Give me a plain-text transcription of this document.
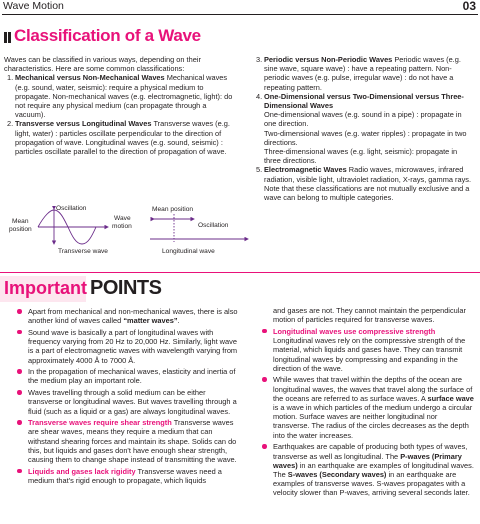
Wave Motion	03
Classification of a Wave

Waves can be classified in various ways, depending on their characteristics. Here are some common classifications:

1. Mechanical versus Non-Mechanical Waves Mechanical waves (e.g. sound, water, seismic): require a physical medium to propagate. Non-mechanical waves (e.g. electromagnetic, light): do not require any physical medium (can propagate through a vacuum).
2. Transverse versus Longitudinal Waves Transverse waves (e.g. light, water) : particles oscillate perpendicular to the direction of propagation of wave. Longitudinal waves (e.g. sound, seismic) : particles oscillate parallel to the direction of propagation of wave.
Oscillation
Mean
position
Wave
motion
Transverse wave
Mean position
Oscillation
Longitudinal wave
3. Periodic versus Non-Periodic Waves Periodic waves (e.g. sine wave, square wave) : have a repeating pattern. Non-periodic waves (e.g. pulse, irregular wave) : do not have a repeating pattern.
4. One-Dimensional versus Two-Dimensional versus Three-Dimensional Waves

One-dimensional waves (e.g. sound in a pipe) : propagate in one direction.

Two-dimensional waves (e.g. water ripples) : propagate in two directions.

Three-dimensional waves (e.g. light, seismic): propagate in three directions.

5. Electromagnetic Waves Radio waves, microwaves, infrared radiation, visible light, ultraviolet radiation, X-rays, gamma rays.

Note that these classifications are not mutually exclusive and a wave can belong to multiple categories.

Important POINTS
Apart from mechanical and non-mechanical waves, there is also another kind of waves called “matter waves”.
Sound wave is basically a part of longitudinal waves with frequency varying from 20 Hz to 20,000 Hz. Similarly, light wave is a part of electromagnetic waves with wavelength varying from approximately 4000 Å to 7000 Å.
In the propagation of mechanical waves, elasticity and inertia of the medium play an important role.
Waves travelling through a solid medium can be either transverse or longitudinal waves. But waves travelling through a fluid (such as a liquid or a gas) are always longitudinal waves.
Transverse waves require shear strength Transverse waves are shear waves, means they require a medium that can withstand shearing forces and maintain its shape. Solids can do this, but liquids and gases don't have enough shear strength, causing them to change shape instead of transmitting the wave.
Liquids and gases lack rigidity Transverse waves need a medium that's rigid enough to propagate, which liquids
and gases are not. They cannot maintain the perpendicular motion of particles required for transverse waves.
Longitudinal waves use compressive strength
Longitudinal waves rely on the compressive strength of the material, which liquids and gases have. They can transmit longitudinal waves by compressing and expanding in the direction of the wave.
While waves that travel within the depths of the ocean are longitudinal waves, the waves that travel along the surface of the oceans are referred to as surface waves. A surface wave is a wave in which particles of the medium undergo a circular motion. Surface waves are neither longitudinal nor transverse. The radius of the circles decreases as the depth into the water increases.
Earthquakes are capable of producing both types of waves, transverse as well as longitudinal. The P-waves (Primary waves) in an earthquake are examples of longitudinal waves. The S-waves (Secondary waves) in an earthquake are examples of transverse waves. S-waves propagates with a velocity slower than P-waves, arriving several seconds later.
